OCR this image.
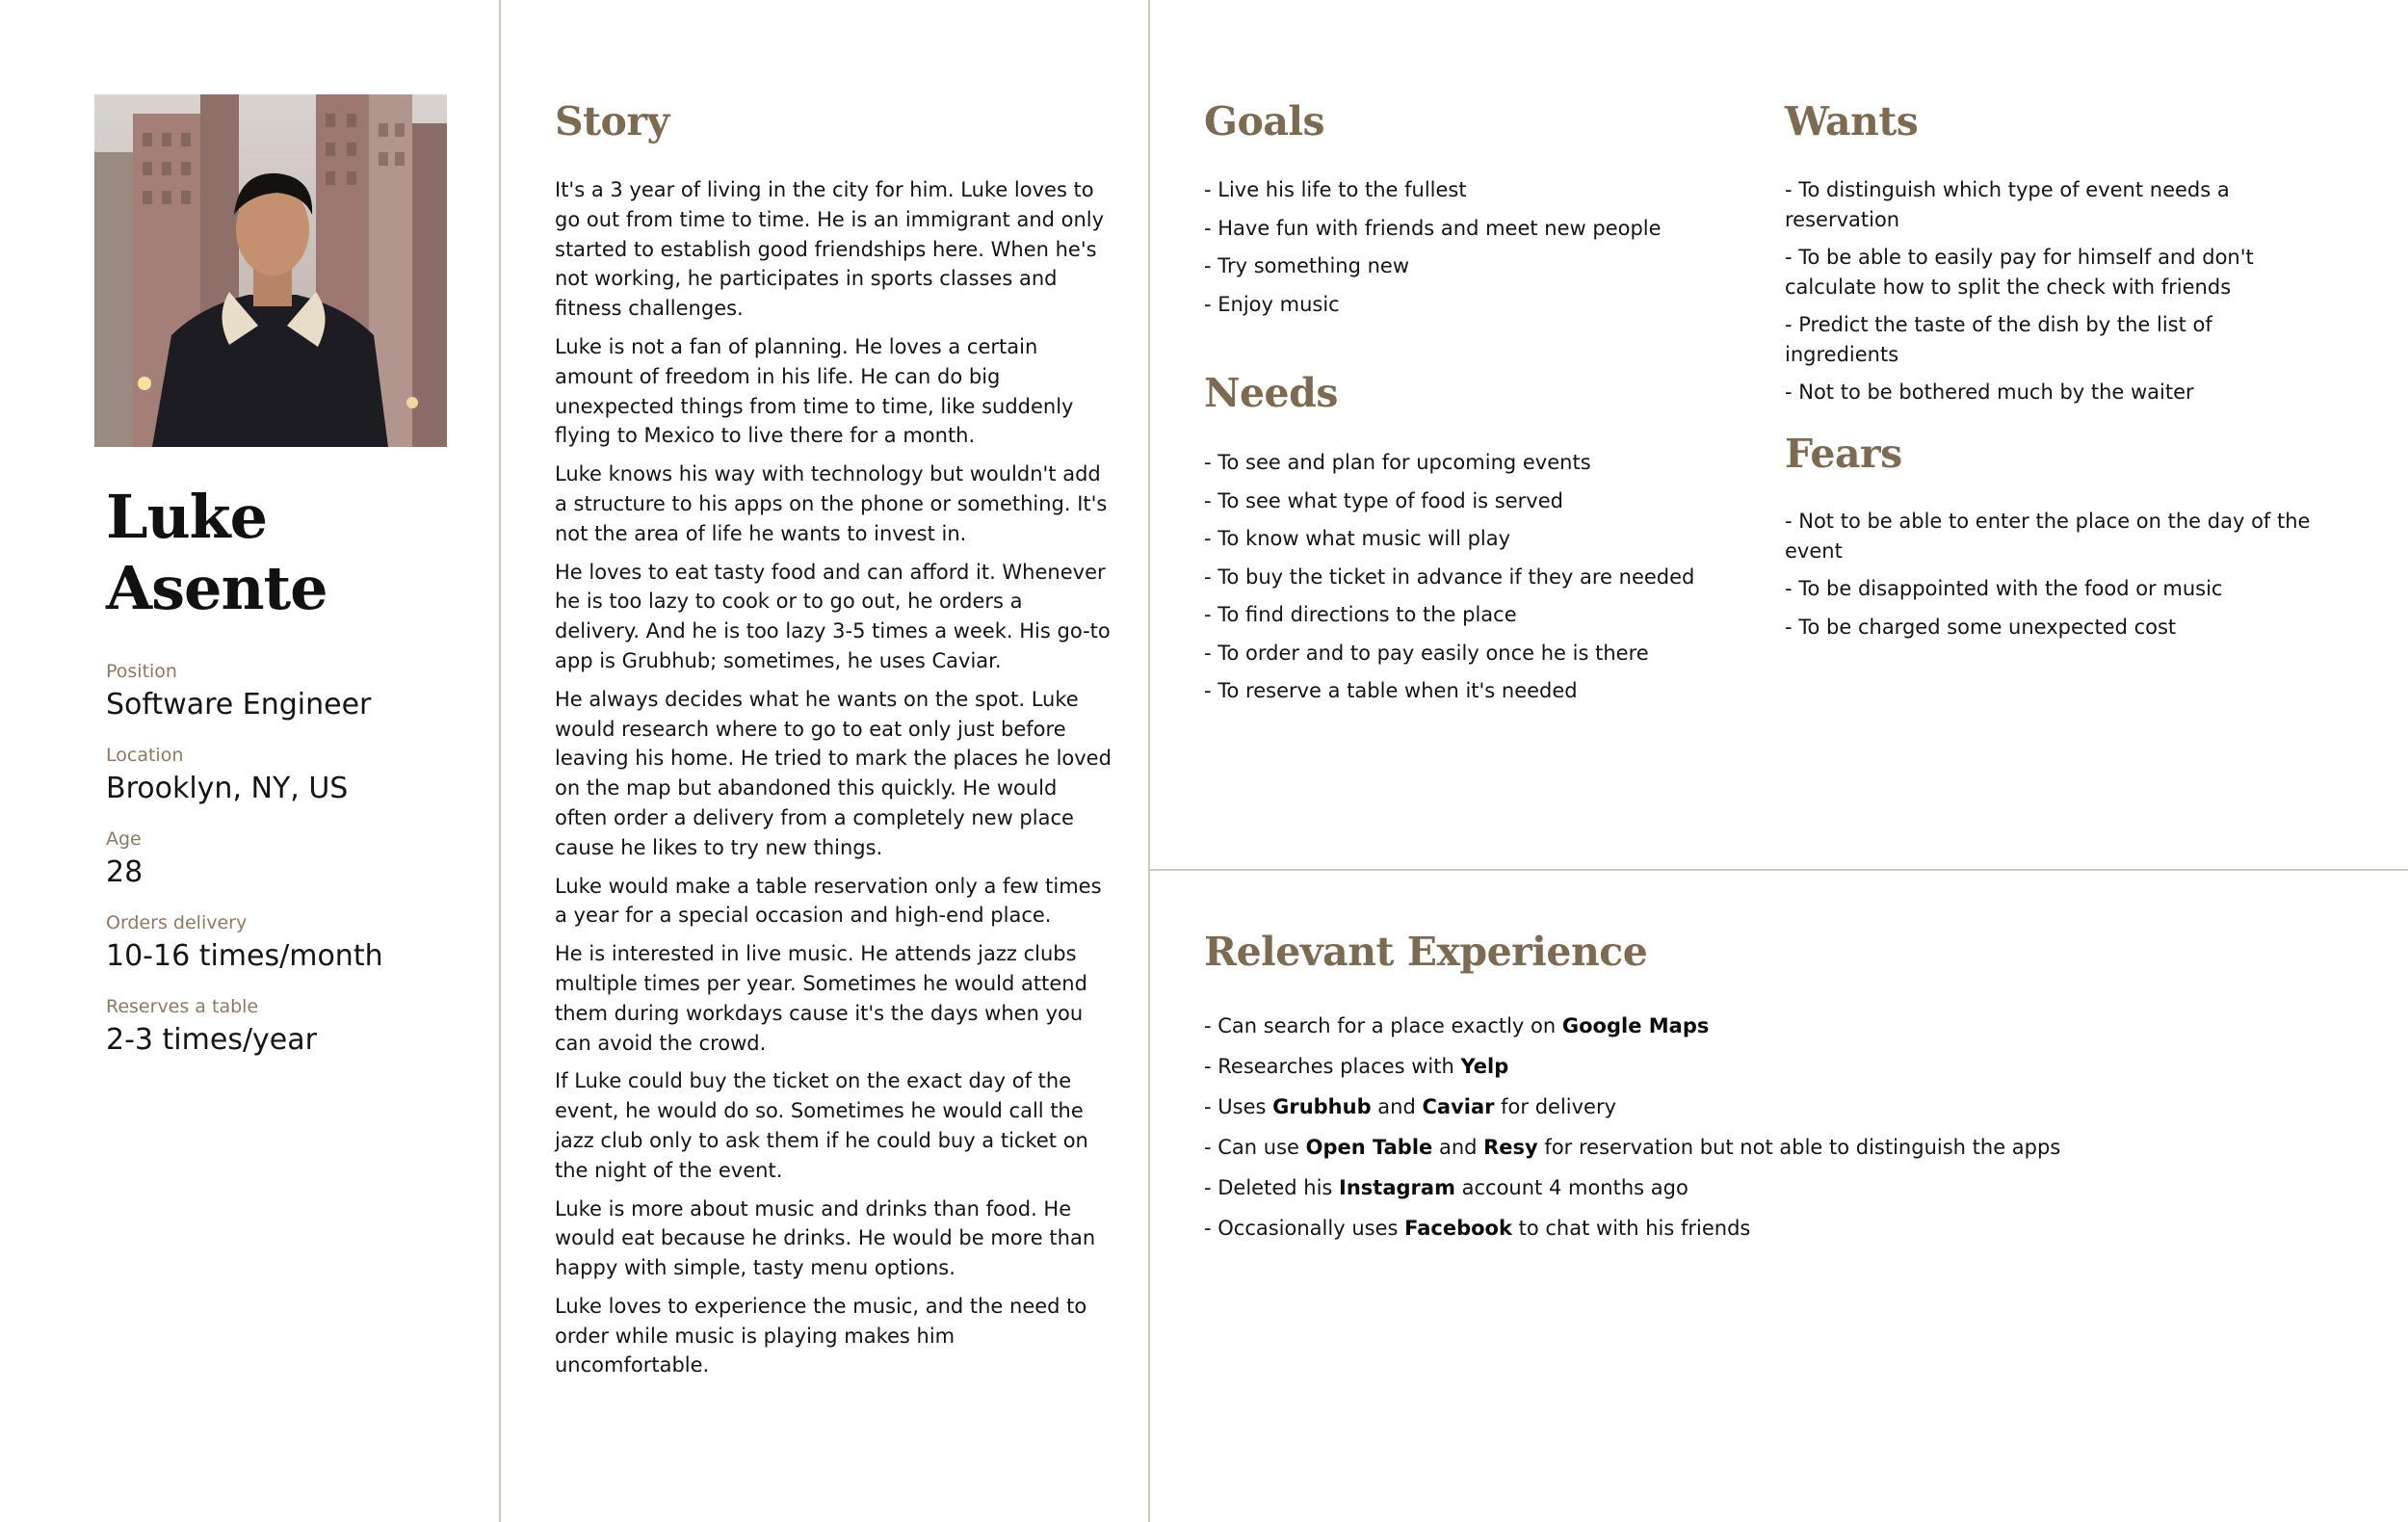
Luke
Asente
Position
Software Engineer
Location
Brooklyn, NY, US
Age
28
Orders delivery
10-16 times/month
Reserves a table
2-3 times/year
Story

It's a 3 year of living in the city for him. Luke loves to go out from time to time. He is an immigrant and only started to establish good friendships here. When he's not working, he participates in sports classes and fitness challenges.

Luke is not a fan of planning. He loves a certain amount of freedom in his life. He can do big unexpected things from time to time, like suddenly flying to Mexico to live there for a month.

Luke knows his way with technology but wouldn't add a structure to his apps on the phone or something. It's not the area of life he wants to invest in.

He loves to eat tasty food and can afford it. Whenever he is too lazy to cook or to go out, he orders a delivery. And he is too lazy 3-5 times a week. His go-to app is Grubhub; sometimes, he uses Caviar.

He always decides what he wants on the spot. Luke would research where to go to eat only just before leaving his home. He tried to mark the places he loved on the map but abandoned this quickly. He would often order a delivery from a completely new place cause he likes to try new things.

Luke would make a table reservation only a few times a year for a special occasion and high-end place.

He is interested in live music. He attends jazz clubs multiple times per year. Sometimes he would attend them during workdays cause it's the days when you can avoid the crowd.

If Luke could buy the ticket on the exact day of the event, he would do so. Sometimes he would call the jazz club only to ask them if he could buy a ticket on the night of the event.

Luke is more about music and drinks than food. He would eat because he drinks. He would be more than happy with simple, tasty menu options.

Luke loves to experience the music, and the need to order while music is playing makes him uncomfortable.

Goals
- Live his life to the fullest
- Have fun with friends and meet new people
- Try something new
- Enjoy music
Needs
- To see and plan for upcoming events
- To see what type of food is served
- To know what music will play
- To buy the ticket in advance if they are needed
- To find directions to the place
- To order and to pay easily once he is there
- To reserve a table when it's needed
Wants
- To distinguish which type of event needs a reservation
- To be able to easily pay for himself and don't calculate how to split the check with friends
- Predict the taste of the dish by the list of ingredients
- Not to be bothered much by the waiter
Fears
- Not to be able to enter the place on the day of the event
- To be disappointed with the food or music
- To be charged some unexpected cost
Relevant Experience
- Can search for a place exactly on Google Maps
- Researches places with Yelp
- Uses Grubhub and Caviar for delivery
- Can use Open Table and Resy for reservation but not able to distinguish the apps
- Deleted his Instagram account 4 months ago
- Occasionally uses Facebook to chat with his friends
